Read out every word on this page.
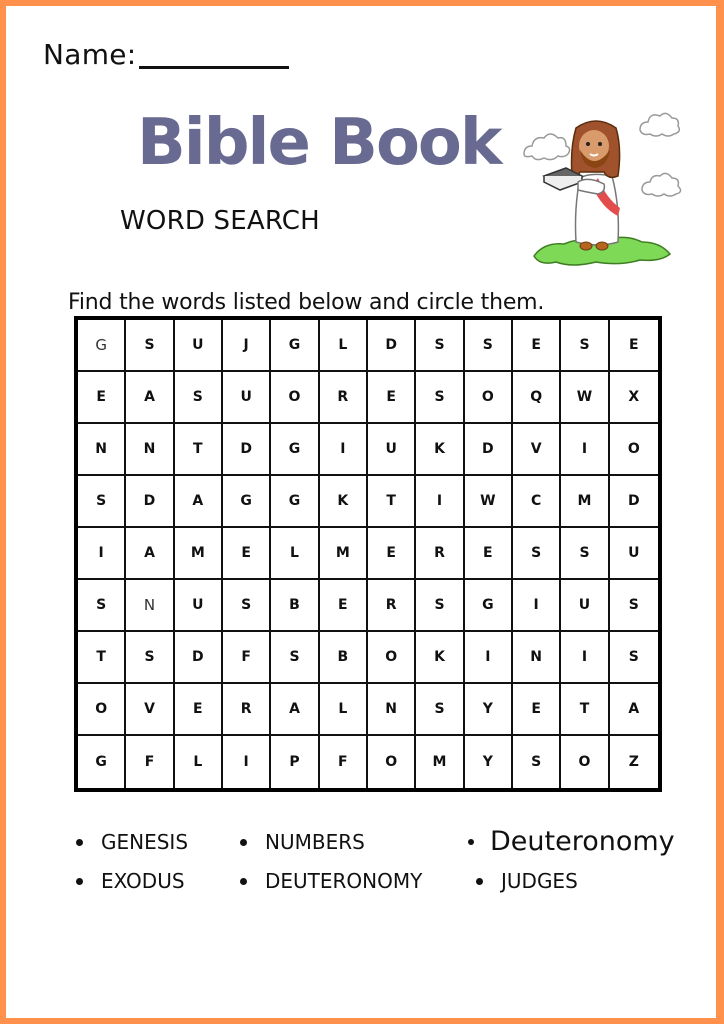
Name:
Bible Book
WORD SEARCH
Find the words listed below and circle them.
G	S	U	J	G	L	D	S	S	E	S	E
E	A	S	U	O	R	E	S	O	Q	W	X
N	N	T	D	G	I	U	K	D	V	I	O
S	D	A	G	G	K	T	I	W	C	M	D
I	A	M	E	L	M	E	R	E	S	S	U
S	N	U	S	B	E	R	S	G	I	U	S
T	S	D	F	S	B	O	K	I	N	I	S
O	V	E	R	A	L	N	S	Y	E	T	A
G	F	L	I	P	F	O	M	Y	S	O	Z
GENESIS
EXODUS
NUMBERS
DEUTERONOMY
Deuteronomy
JUDGES
